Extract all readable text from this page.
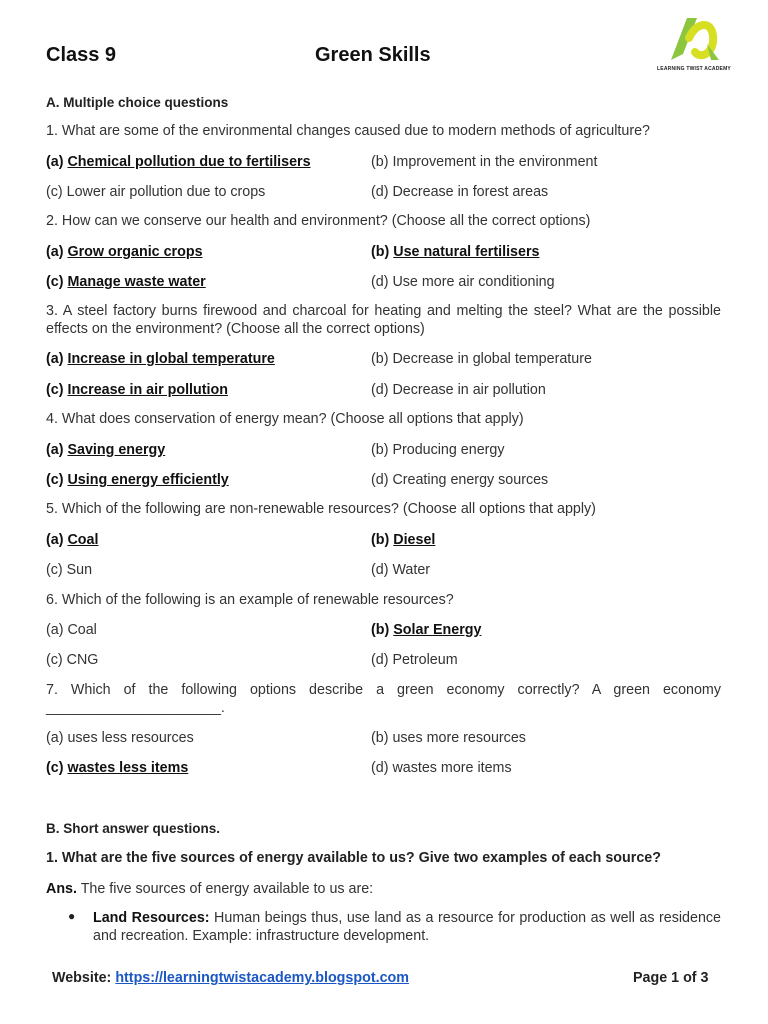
Class 9	Green Skills
LEARNING TWIST ACADEMY
A. Multiple choice questions
1. What are some of the environmental changes caused due to modern methods of agriculture?
(a) Chemical pollution due to fertilisers	(b) Improvement in the environment
(c) Lower air pollution due to crops	(d) Decrease in forest areas
2. How can we conserve our health and environment? (Choose all the correct options)
(a) Grow organic crops	(b) Use natural fertilisers
(c) Manage waste water	(d) Use more air conditioning
3. A steel factory burns firewood and charcoal for heating and melting the steel? What are the possible effects on the environment? (Choose all the correct options)
(a) Increase in global temperature	(b) Decrease in global temperature
(c) Increase in air pollution	(d) Decrease in air pollution
4. What does conservation of energy mean? (Choose all options that apply)
(a) Saving energy	(b) Producing energy
(c) Using energy efficiently	(d) Creating energy sources
5. Which of the following are non-renewable resources? (Choose all options that apply)
(a) Coal	(b) Diesel
(c) Sun	(d) Water
6. Which of the following is an example of renewable resources?
(a) Coal	(b) Solar Energy
(c) CNG	(d) Petroleum
7. Which of the following options describe a green economy correctly? A green economy ______________________.
(a) uses less resources	(b) uses more resources
(c) wastes less items	(d) wastes more items
B. Short answer questions.
1. What are the five sources of energy available to us? Give two examples of each source?
Ans. The five sources of energy available to us are:
● Land Resources: Human beings thus, use land as a resource for production as well as residence and recreation. Example: infrastructure development.
Website: https://learningtwistacademy.blogspot.com	Page 1 of 3
